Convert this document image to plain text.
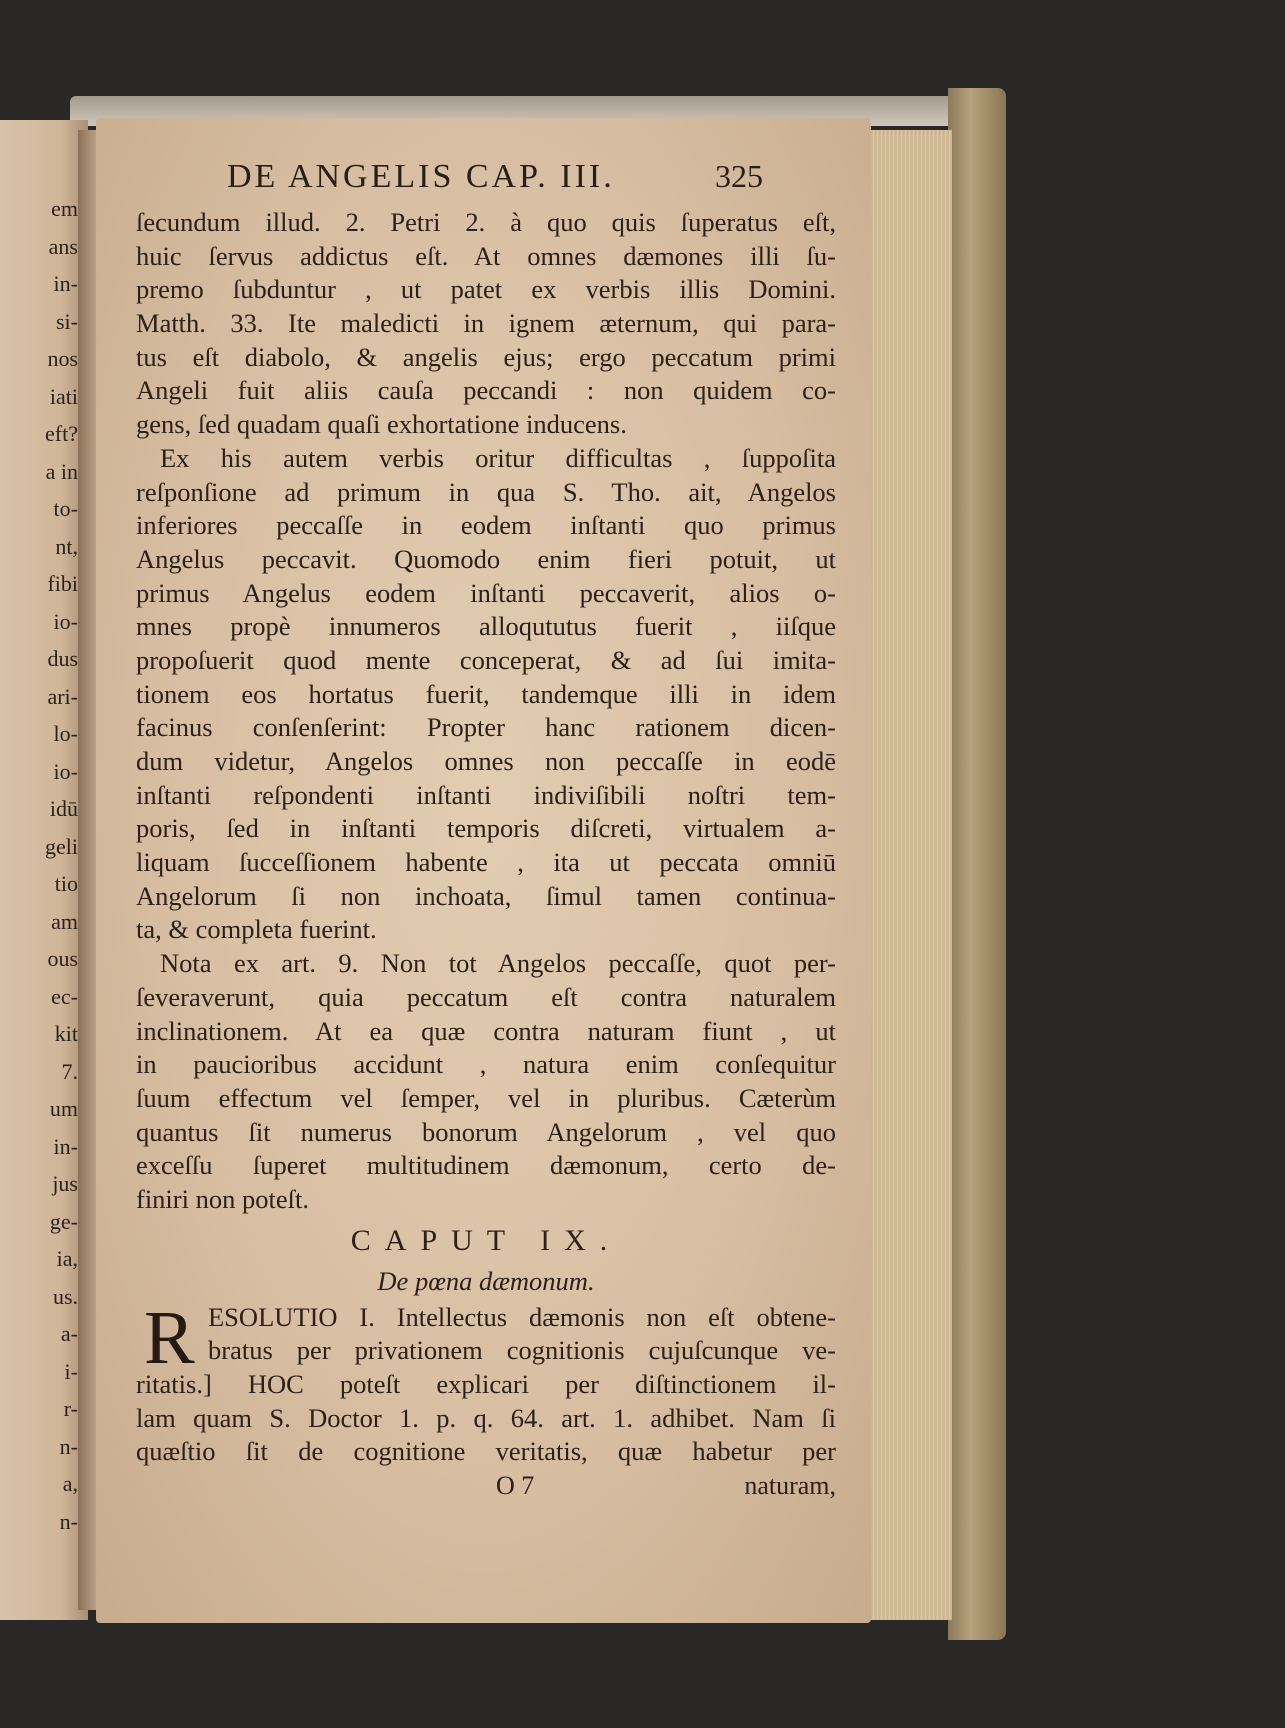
em
ans
in-
si-
nos
iati
eft?
a in
to-
nt,
fibi
io-
dus
ari-
lo-
io-
idū
geli
tio
am
ous
ec-
kit
7.
um
in-
jus
ge-
ia,
us.
a-
i-
r-
n-
a,
n-
DE ANGELIS CAP. III.	325
ſecundum illud. 2. Petri 2. à quo quis ſuperatus eſt,
huic ſervus addictus eſt. At omnes dæmones illi ſu-
premo ſubduntur , ut patet ex verbis illis Domini.
Matth. 33. Ite maledicti in ignem æternum, qui para-
tus eſt diabolo, & angelis ejus; ergo peccatum primi
Angeli fuit aliis cauſa peccandi : non quidem co-
gens, ſed quadam quaſi exhortatione inducens.
Ex his autem verbis oritur difficultas , ſuppoſita
reſponſione ad primum in qua S. Tho. ait, Angelos
inferiores peccaſſe in eodem inſtanti quo primus
Angelus peccavit. Quomodo enim fieri potuit, ut
primus Angelus eodem inſtanti peccaverit, alios o-
mnes propè innumeros alloqututus fuerit , iiſque
propoſuerit quod mente conceperat, & ad ſui imita-
tionem eos hortatus fuerit, tandemque illi in idem
facinus conſenſerint: Propter hanc rationem dicen-
dum videtur, Angelos omnes non peccaſſe in eodē
inſtanti reſpondenti inſtanti indiviſibili noſtri tem-
poris, ſed in inſtanti temporis diſcreti, virtualem a-
liquam ſucceſſionem habente , ita ut peccata omniū
Angelorum ſi non inchoata, ſimul tamen continua-
ta, & completa fuerint.
Nota ex art. 9. Non tot Angelos peccaſſe, quot per-
ſeveraverunt, quia peccatum eſt contra naturalem
inclinationem. At ea quæ contra naturam fiunt , ut
in paucioribus accidunt , natura enim conſequitur
ſuum effectum vel ſemper, vel in pluribus. Cæterùm
quantus ſit numerus bonorum Angelorum , vel quo
exceſſu ſuperet multitudinem dæmonum, certo de-
finiri non poteſt.
CAPUT IX.
De pœna dæmonum.
R ESOLUTIO I. Intellectus dæmonis non eſt obtene-
bratus per privationem cognitionis cujuſcunque ve-
ritatis.] HOC poteſt explicari per diſtinctionem il-
lam quam S. Doctor 1. p. q. 64. art. 1. adhibet. Nam ſi
quæſtio ſit de cognitione veritatis, quæ habetur per
O 7	naturam,
